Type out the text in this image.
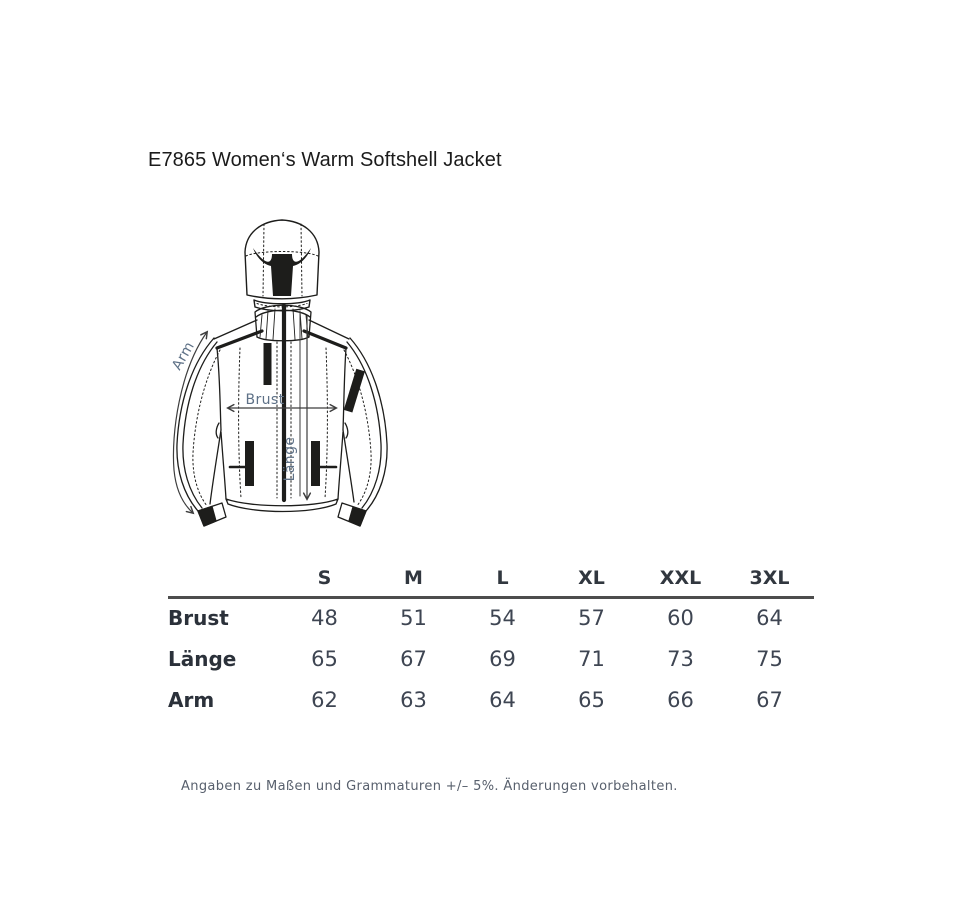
E7865 Women‘s Warm Softshell Jacket
Brust
Länge
Arm
	S	M	L	XL	XXL	3XL
Brust	48	51	54	57	60	64
Länge	65	67	69	71	73	75
Arm	62	63	64	65	66	67
Angaben zu Maßen und Grammaturen +/– 5%. Änderungen vorbehalten.
